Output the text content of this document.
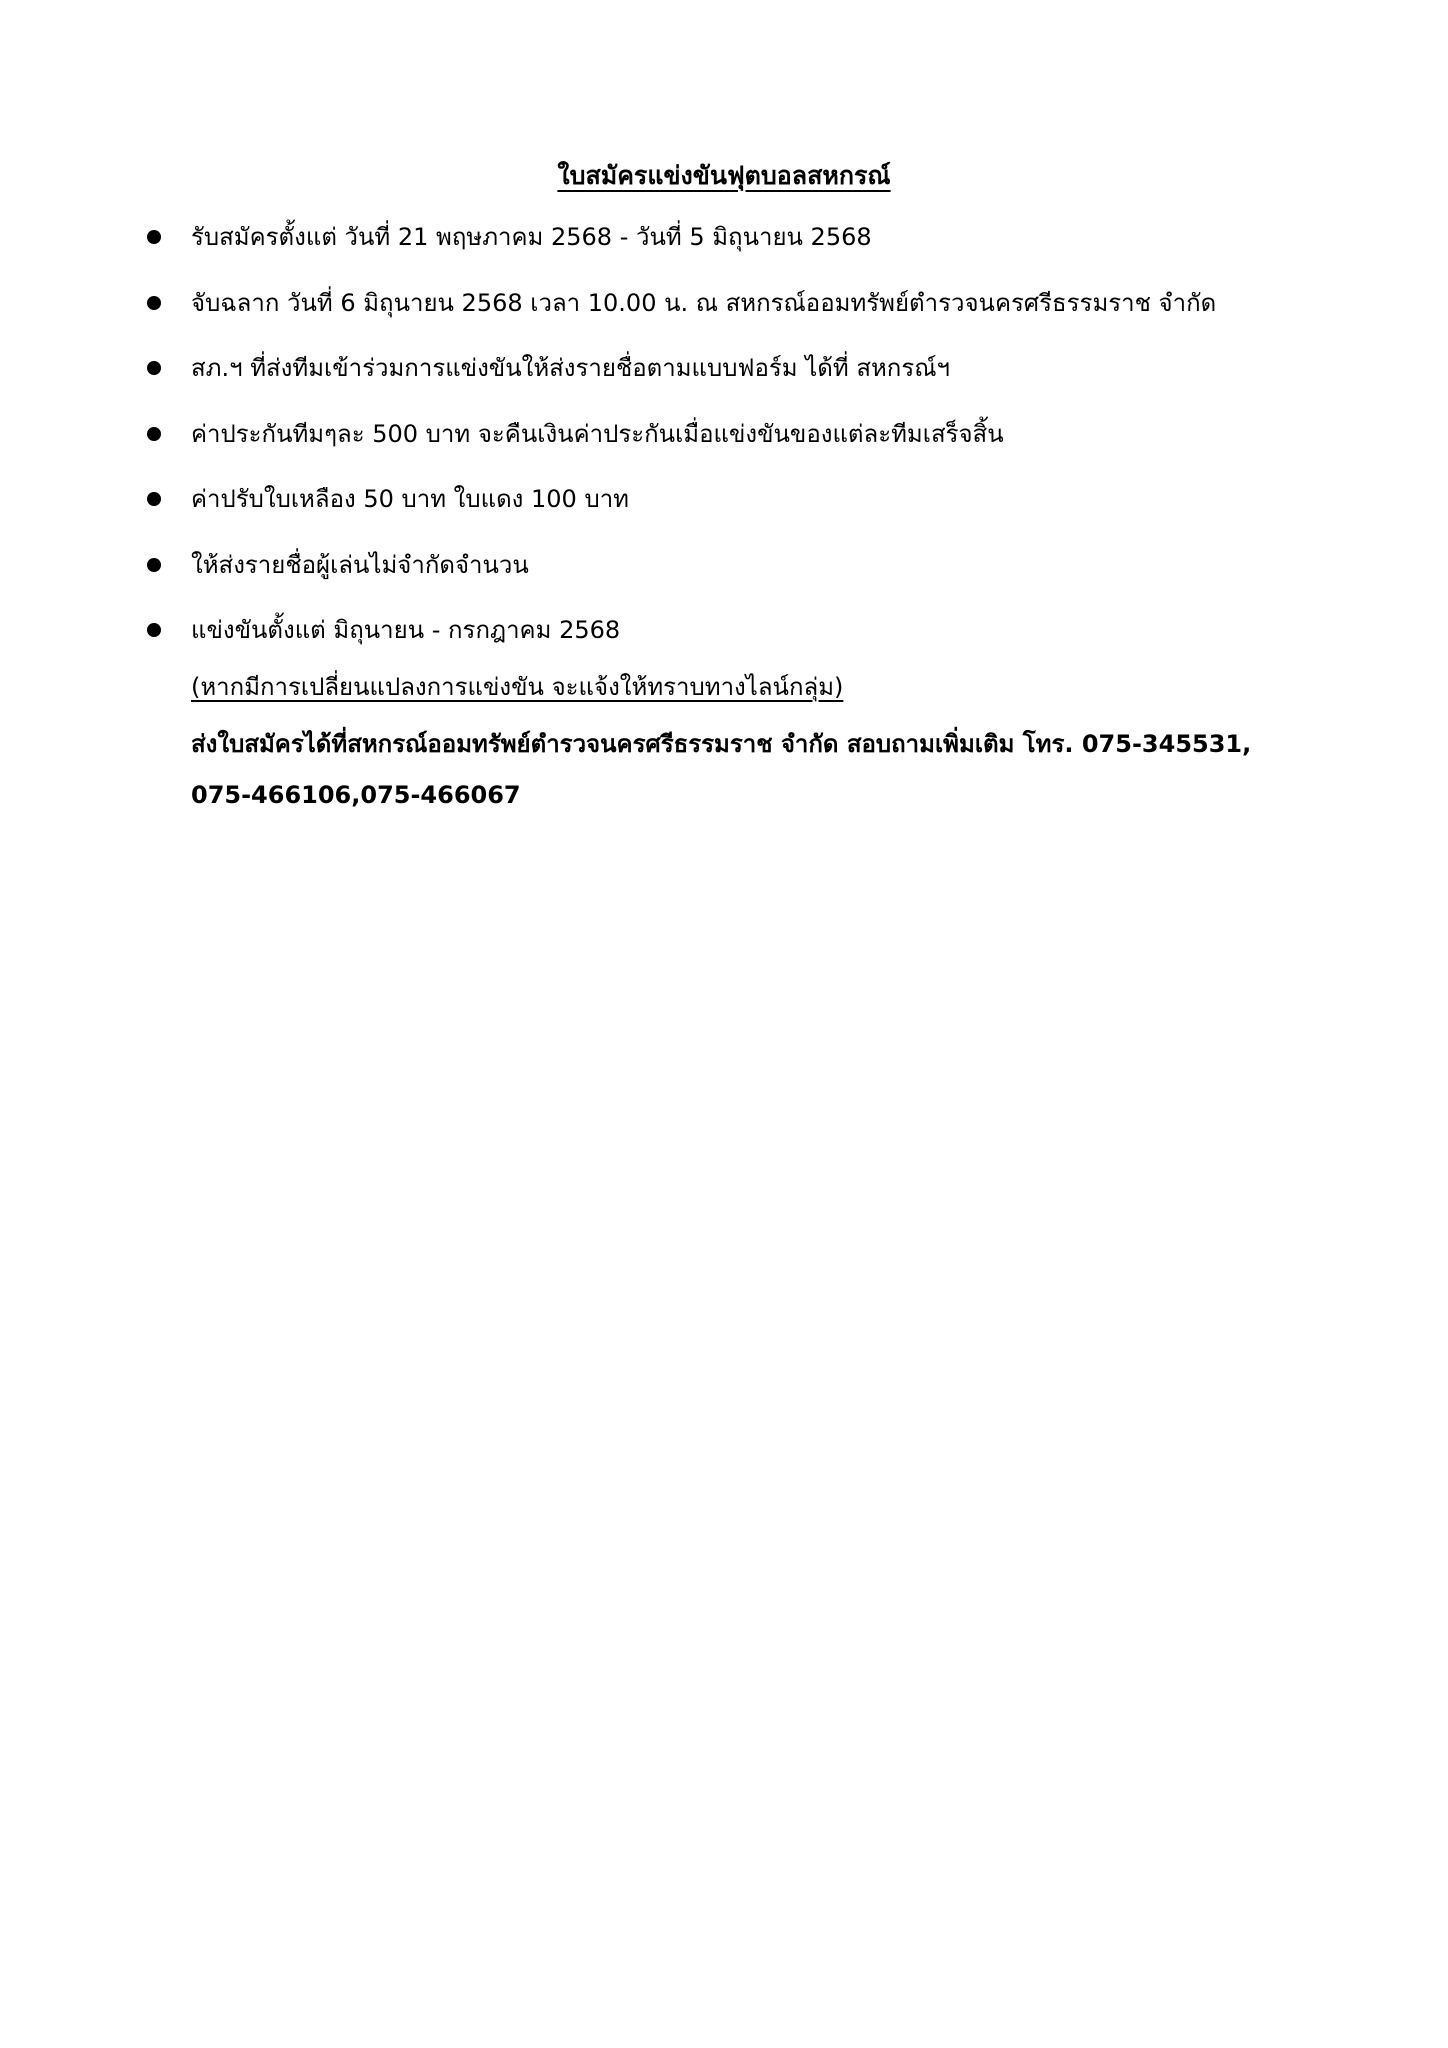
ใบสมัครแข่งขันฟุตบอลสหกรณ์
รับสมัครตั้งแต่ วันที่ 21 พฤษภาคม 2568 - วันที่ 5 มิถุนายน 2568
จับฉลาก วันที่ 6 มิถุนายน 2568 เวลา 10.00 น. ณ สหกรณ์ออมทรัพย์ตำรวจนครศรีธรรมราช จำกัด
สภ.ฯ ที่ส่งทีมเข้าร่วมการแข่งขันให้ส่งรายชื่อตามแบบฟอร์ม ได้ที่ สหกรณ์ฯ
ค่าประกันทีมๆละ 500 บาท จะคืนเงินค่าประกันเมื่อแข่งขันของแต่ละทีมเสร็จสิ้น
ค่าปรับใบเหลือง 50 บาท ใบแดง 100 บาท
ให้ส่งรายชื่อผู้เล่นไม่จำกัดจำนวน
แข่งขันตั้งแต่ มิถุนายน - กรกฎาคม 2568
(หากมีการเปลี่ยนแปลงการแข่งขัน จะแจ้งให้ทราบทางไลน์กลุ่ม)
ส่งใบสมัครได้ที่สหกรณ์ออมทรัพย์ตำรวจนครศรีธรรมราช จำกัด สอบถามเพิ่มเติม โทร. 075-345531,
075-466106,075-466067
